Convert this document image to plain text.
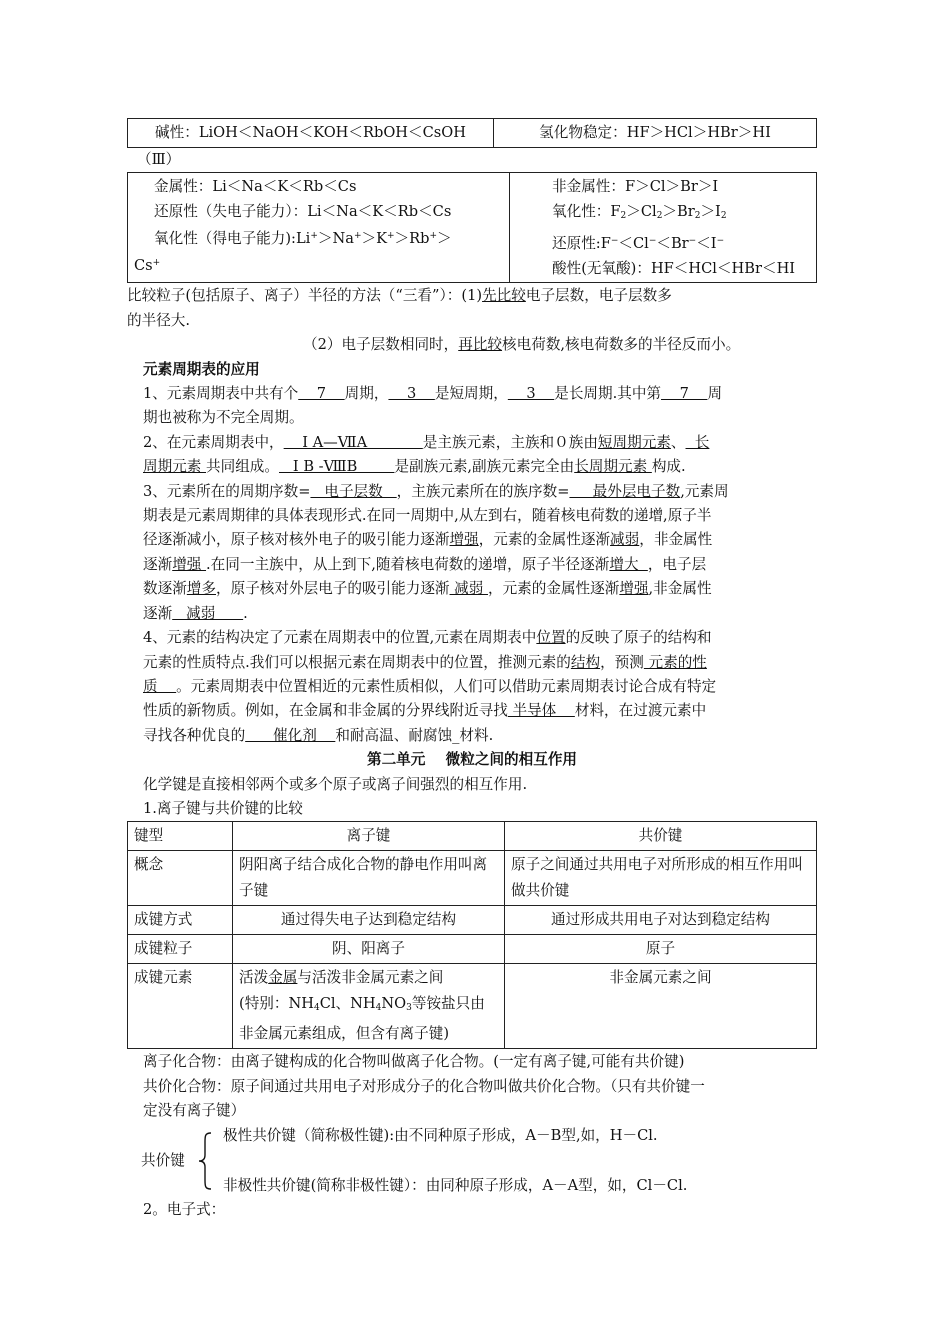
碱性：LiOH＜NaOH＜KOH＜RbOH＜CsOH	氢化物稳定：HF＞HCl＞HBr＞HI

（Ⅲ）

金属性：Li＜Na＜K＜Rb＜Cs
还原性（失电子能力）：Li＜Na＜K＜Rb＜Cs
氧化性（得电子能力):Li+＞Na+＞K+＞Rb+＞
Cs+

非金属性：F＞Cl＞Br＞I
氧化性：$F_2>Cl_2>Br_2>I_2$
还原性:F−＜Cl−＜Br−＜I−
酸性(无氧酸)：HF＜HCl＜HBr＜HI

比较粒子(包括原子、离子）半径的方法（“三看”）：(1)先比较电子层数，电子层数多

的半径大.

（2）电子层数相同时，再比较核电荷数,核电荷数多的半径反而小。

元素周期表的应用

1、元素周期表中共有个    7    周期，    3    是短周期，    3    是长周期.其中第    7    周

期也被称为不完全周期。

2、在元素周期表中，    Ⅰ A—ⅦA            是主族元素，主族和０族由短周期元素、  长

周期元素 共同组成。   Ⅰ B -ⅧB        是副族元素,副族元素完全由长周期元素 构成.

3、元素所在的周期序数=   电子层数   ，主族元素所在的族序数=     最外层电子数,元素周

期表是元素周期律的具体表现形式.在同一周期中,从左到右，随着核电荷数的递增,原子半

径逐渐减小，原子核对核外电子的吸引能力逐渐增强，元素的金属性逐渐减弱，非金属性

逐渐增强 .在同一主族中，从上到下,随着核电荷数的递增，原子半径逐渐增大  ，电子层

数逐渐增多，原子核对外层电子的吸引能力逐渐 减弱 ，元素的金属性逐渐增强,非金属性

逐渐   减弱      .

4、元素的结构决定了元素在周期表中的位置,元素在周期表中位置的反映了原子的结构和

元素的性质特点.我们可以根据元素在周期表中的位置，推测元素的结构，预测 元素的性

质    。元素周期表中位置相近的元素性质相似，人们可以借助元素周期表讨论合成有特定

性质的新物质。例如，在金属和非金属的分界线附近寻找 半导体    材料，在过渡元素中

寻找各种优良的      催化剂    和耐高温、耐腐蚀_材料.

第二单元    微粒之间的相互作用

化学键是直接相邻两个或多个原子或离子间强烈的相互作用.

1.离子键与共价键的比较

键型	离子键	共价键
概念	阴阳离子结合成化合物的静电作用叫离子键	原子之间通过共用电子对所形成的相互作用叫做共价键
成键方式	通过得失电子达到稳定结构	通过形成共用电子对达到稳定结构
成键粒子	阴、阳离子	原子
成键元素	活泼金属与活泼非金属元素之间
(特别：$NH_4Cl$、$NH_4NO_3$等铵盐只由
非金属元素组成，但含有离子键)	非金属元素之间

离子化合物：由离子键构成的化合物叫做离子化合物。(一定有离子键,可能有共价键)

共价化合物：原子间通过共用电子对形成分子的化合物叫做共价化合物。（只有共价键一

定没有离子键）

共价键
极性共价键（简称极性键):由不同种原子形成，A－B型,如，H－Cl.
非极性共价键(简称非极性键）：由同种原子形成，A－A型，如，Cl－Cl.

2。电子式：
